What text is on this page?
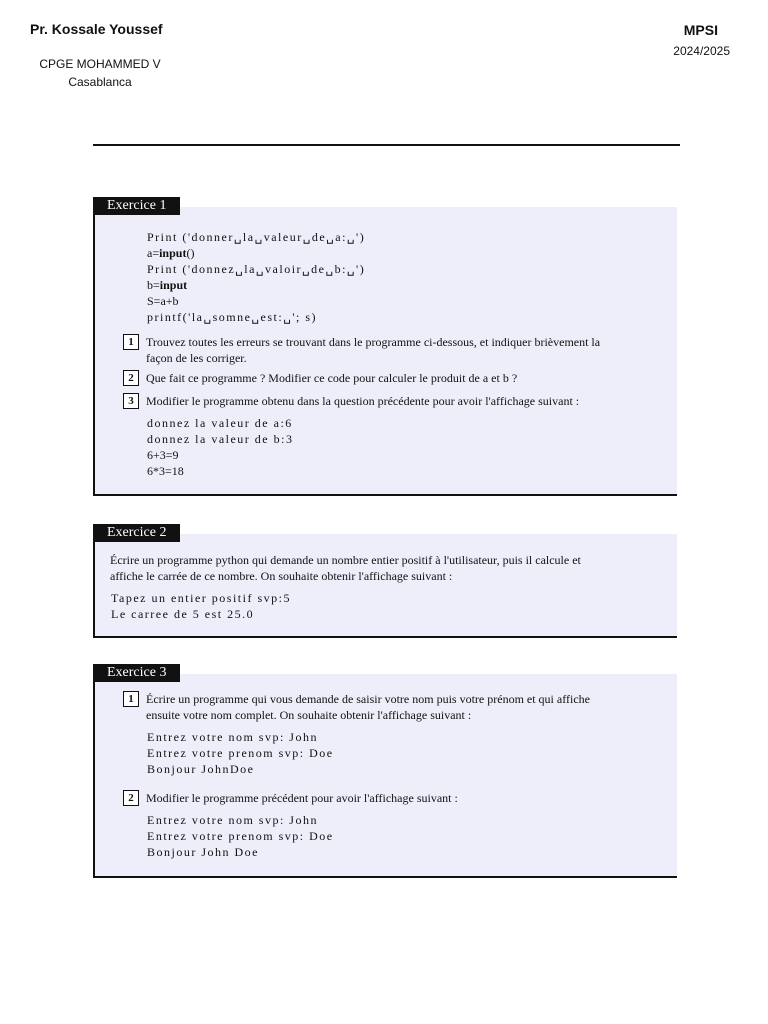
Pr. Kossale Youssef
CPGE MOHAMMED V
Casablanca
MPSI
2024/2025
Exercice 1
Print ('donner␣la␣valeur␣de␣a:␣')
a=input()
Print ('donnez␣la␣valoir␣de␣b:␣')
b=input
S=a+b
printf('la␣somne␣est:␣'; s)
1	Trouvez toutes les erreurs se trouvant dans le programme ci-dessous, et indiquer brièvement la
façon de les corriger.
2	Que fait ce programme ? Modifier ce code pour calculer le produit de a et b ?
3	Modifier le programme obtenu dans la question précédente pour avoir l'affichage suivant :
donnez la valeur de a:6
donnez la valeur de b:3
6+3=9
6*3=18
Exercice 2
Écrire un programme python qui demande un nombre entier positif à l'utilisateur, puis il calcule et
affiche le carrée de ce nombre. On souhaite obtenir l'affichage suivant :
Tapez un entier positif svp:5
Le carree de 5 est 25.0
Exercice 3
1	Écrire un programme qui vous demande de saisir votre nom puis votre prénom et qui affiche
ensuite votre nom complet. On souhaite obtenir l'affichage suivant :
Entrez votre nom svp: John
Entrez votre prenom svp: Doe
Bonjour JohnDoe
2	Modifier le programme précédent pour avoir l'affichage suivant :
Entrez votre nom svp: John
Entrez votre prenom svp: Doe
Bonjour John Doe
